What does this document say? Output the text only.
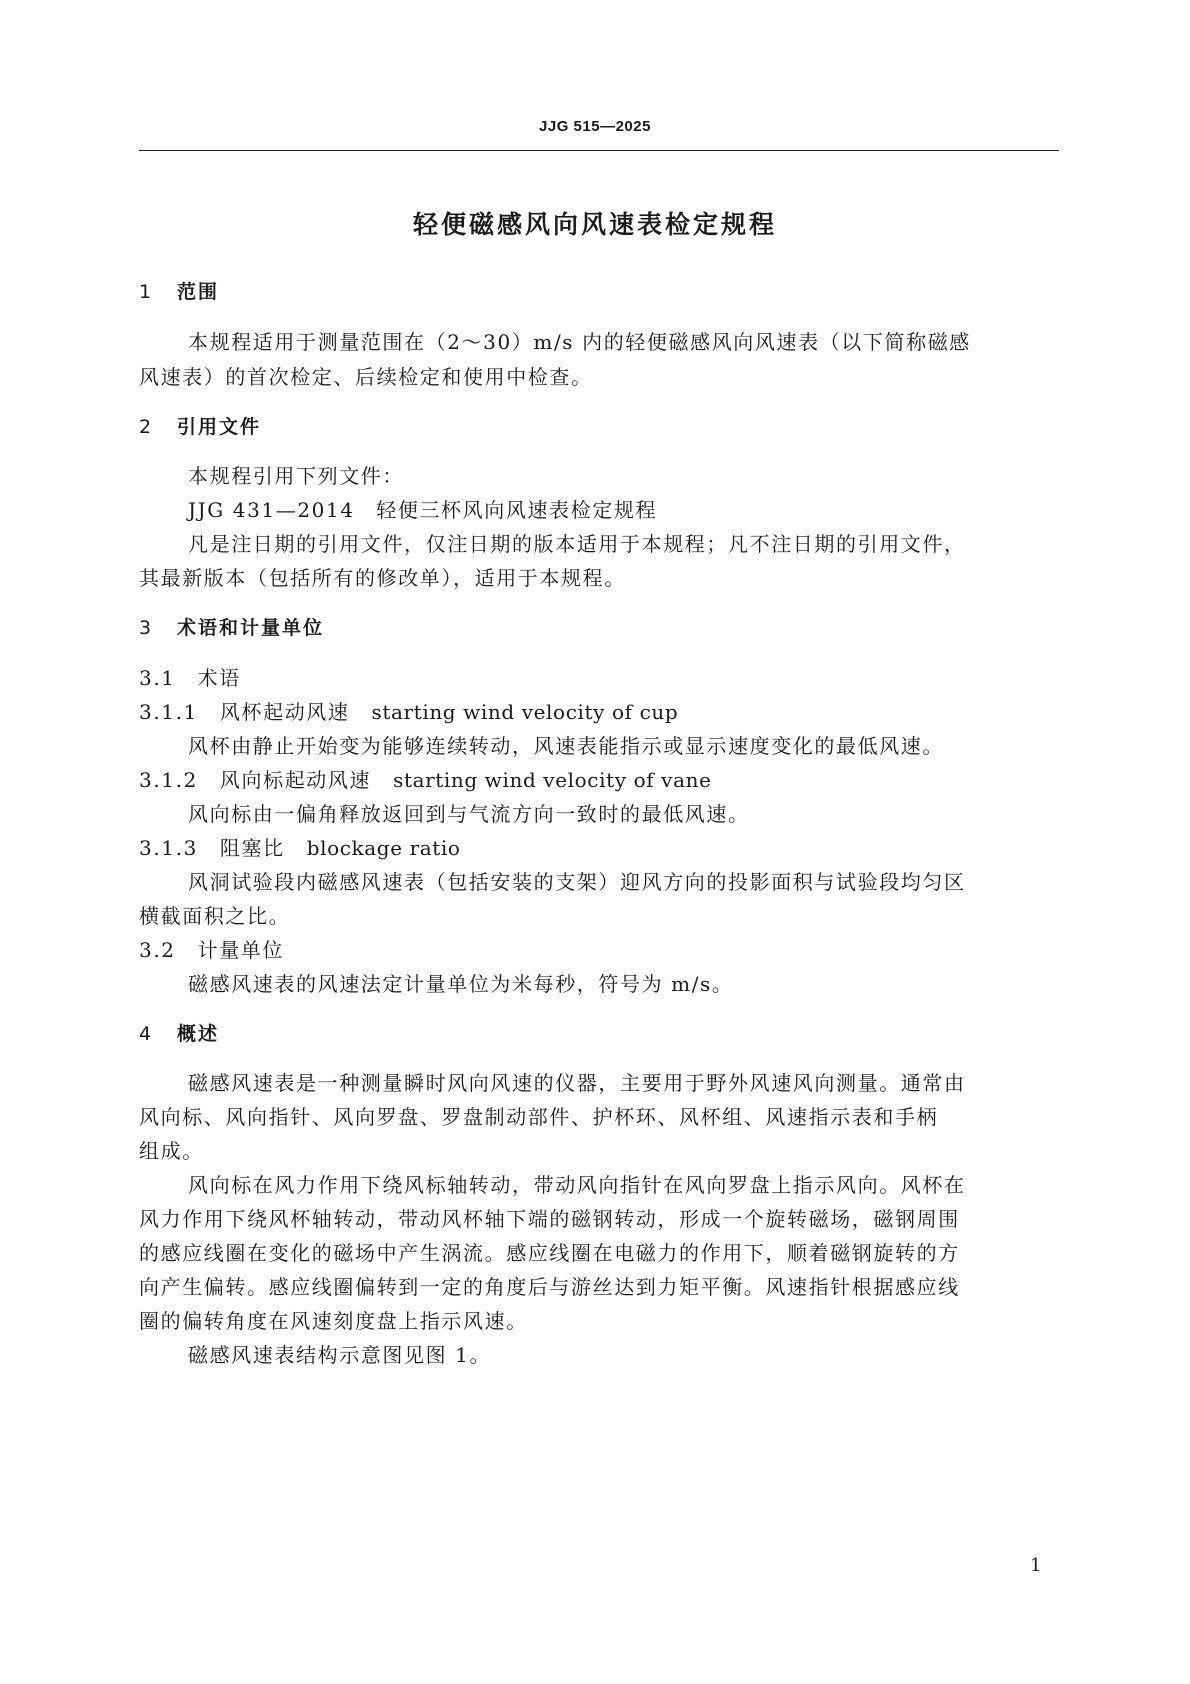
JJG 515—2025
轻便磁感风向风速表检定规程
1 范围
本规程适用于测量范围在（2～30）m/s 内的轻便磁感风向风速表（以下简称磁感
风速表）的首次检定、后续检定和使用中检查。
2 引用文件
本规程引用下列文件：
JJG 431—2014　轻便三杯风向风速表检定规程
凡是注日期的引用文件，仅注日期的版本适用于本规程；凡不注日期的引用文件，
其最新版本（包括所有的修改单），适用于本规程。
3 术语和计量单位
3.1 术语
3.1.1 风杯起动风速 starting wind velocity of cup
风杯由静止开始变为能够连续转动，风速表能指示或显示速度变化的最低风速。
3.1.2 风向标起动风速 starting wind velocity of vane
风向标由一偏角释放返回到与气流方向一致时的最低风速。
3.1.3 阻塞比 blockage ratio
风洞试验段内磁感风速表（包括安装的支架）迎风方向的投影面积与试验段均匀区
横截面积之比。
3.2 计量单位
磁感风速表的风速法定计量单位为米每秒，符号为 m/s。
4 概述
磁感风速表是一种测量瞬时风向风速的仪器，主要用于野外风速风向测量。通常由
风向标、风向指针、风向罗盘、罗盘制动部件、护杯环、风杯组、风速指示表和手柄
组成。
风向标在风力作用下绕风标轴转动，带动风向指针在风向罗盘上指示风向。风杯在
风力作用下绕风杯轴转动，带动风杯轴下端的磁钢转动，形成一个旋转磁场，磁钢周围
的感应线圈在变化的磁场中产生涡流。感应线圈在电磁力的作用下，顺着磁钢旋转的方
向产生偏转。感应线圈偏转到一定的角度后与游丝达到力矩平衡。风速指针根据感应线
圈的偏转角度在风速刻度盘上指示风速。
磁感风速表结构示意图见图 1。
1
